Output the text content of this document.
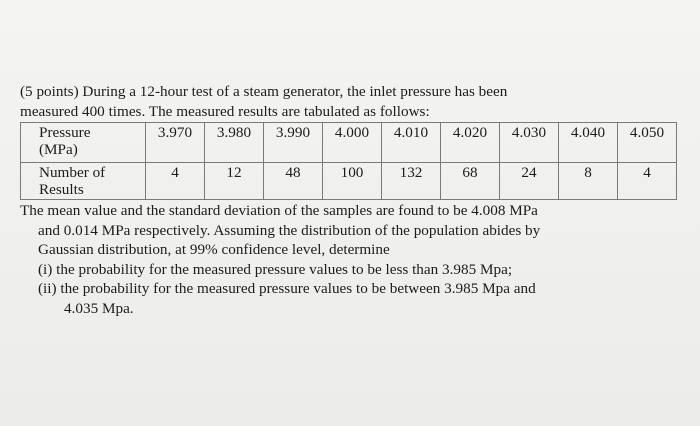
(5 points) During a 12-hour test of a steam generator, the inlet pressure has been

measured 400 times. The measured results are tabulated as follows:

Pressure
(MPa)	3.970	3.980	3.990	4.000	4.010	4.020	4.030	4.040	4.050

Number of
Results	4	12	48	100	132	68	24	8	4

The mean value and the standard deviation of the samples are found to be 4.008 MPa

and 0.014 MPa respectively. Assuming the distribution of the population abides by

Gaussian distribution, at 99% confidence level, determine

(i) the probability for the measured pressure values to be less than 3.985 Mpa;

(ii) the probability for the measured pressure values to be between 3.985 Mpa and

4.035 Mpa.
